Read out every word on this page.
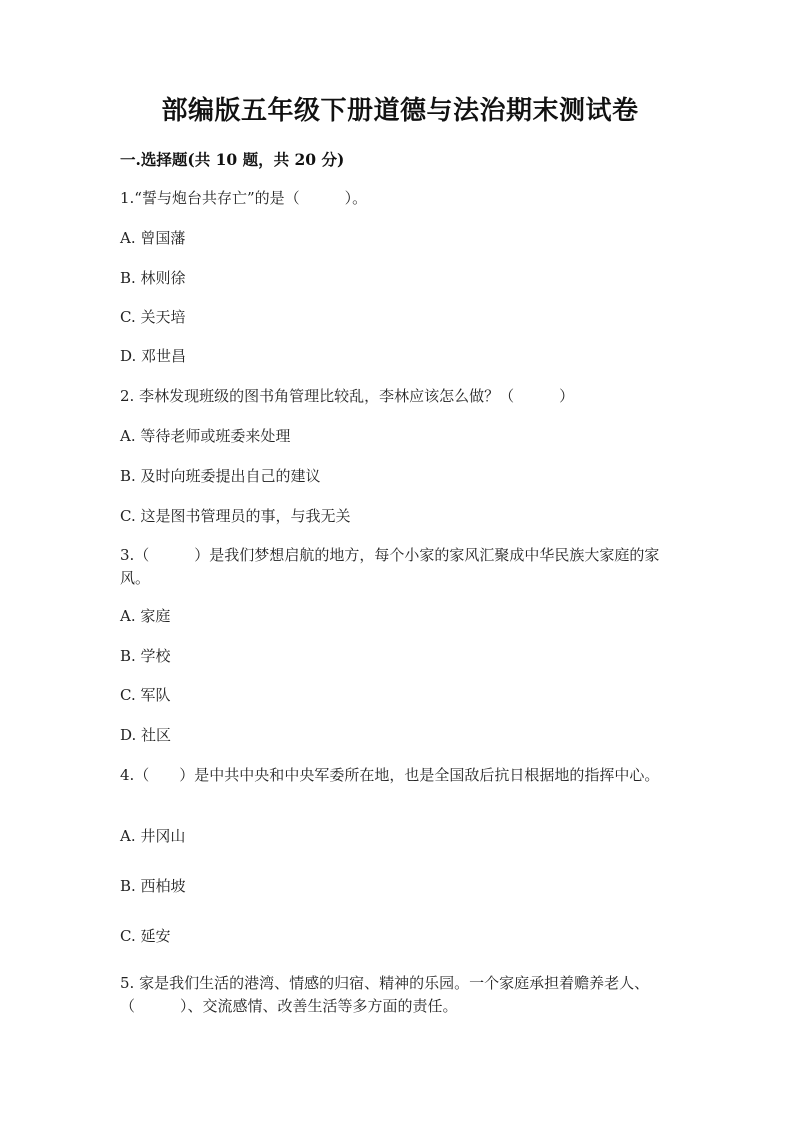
部编版五年级下册道德与法治期末测试卷
一.选择题(共 10 题，共 20 分)
1.“誓与炮台共存亡”的是（　　　）。
A. 曾国藩
B. 林则徐
C. 关天培
D. 邓世昌
2. 李林发现班级的图书角管理比较乱，李林应该怎么做？（　　　）
A. 等待老师或班委来处理
B. 及时向班委提出自己的建议
C. 这是图书管理员的事，与我无关
3.（　　　）是我们梦想启航的地方，每个小家的家风汇聚成中华民族大家庭的家风。
A. 家庭
B. 学校
C. 军队
D. 社区
4.（　　）是中共中央和中央军委所在地，也是全国敌后抗日根据地的指挥中心。
A. 井冈山
B. 西柏坡
C. 延安
5. 家是我们生活的港湾、情感的归宿、精神的乐园。一个家庭承担着赡养老人、（　　　）、交流感情、改善生活等多方面的责任。
